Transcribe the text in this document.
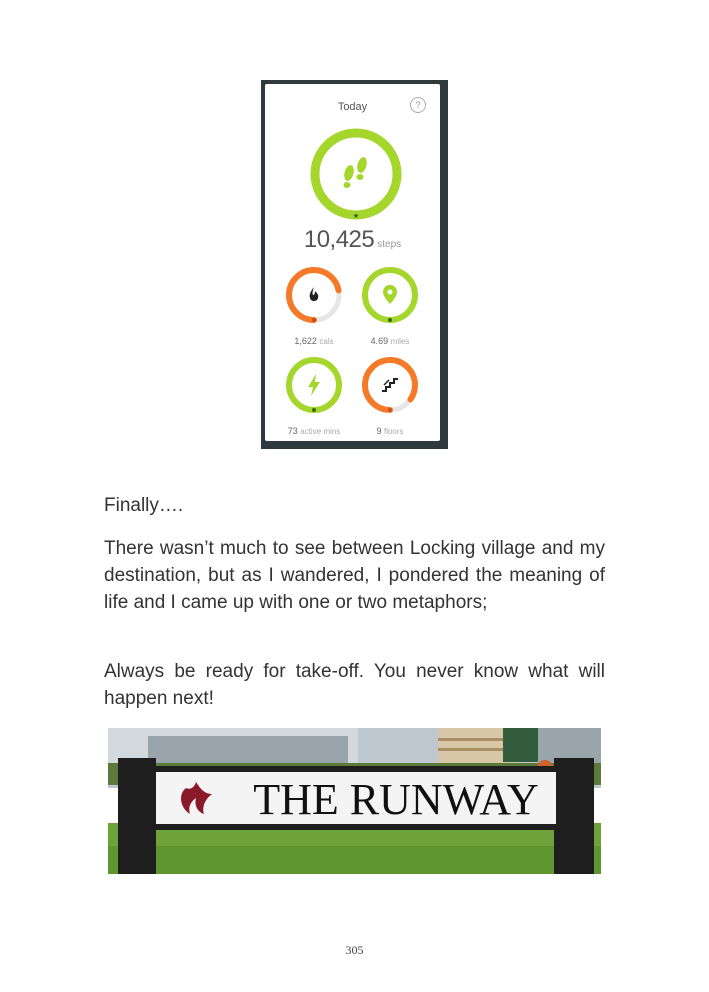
Today	?
★
10,425 steps
1,622 cals	4.69 miles
73 active mins	9 floors
Finally….
There wasn’t much to see between Locking village and my destination, but as I wandered, I pondered the meaning of life and I came up with one or two metaphors;
Always be ready for take-off. You never know what will happen next!
THE RUNWAY
305
